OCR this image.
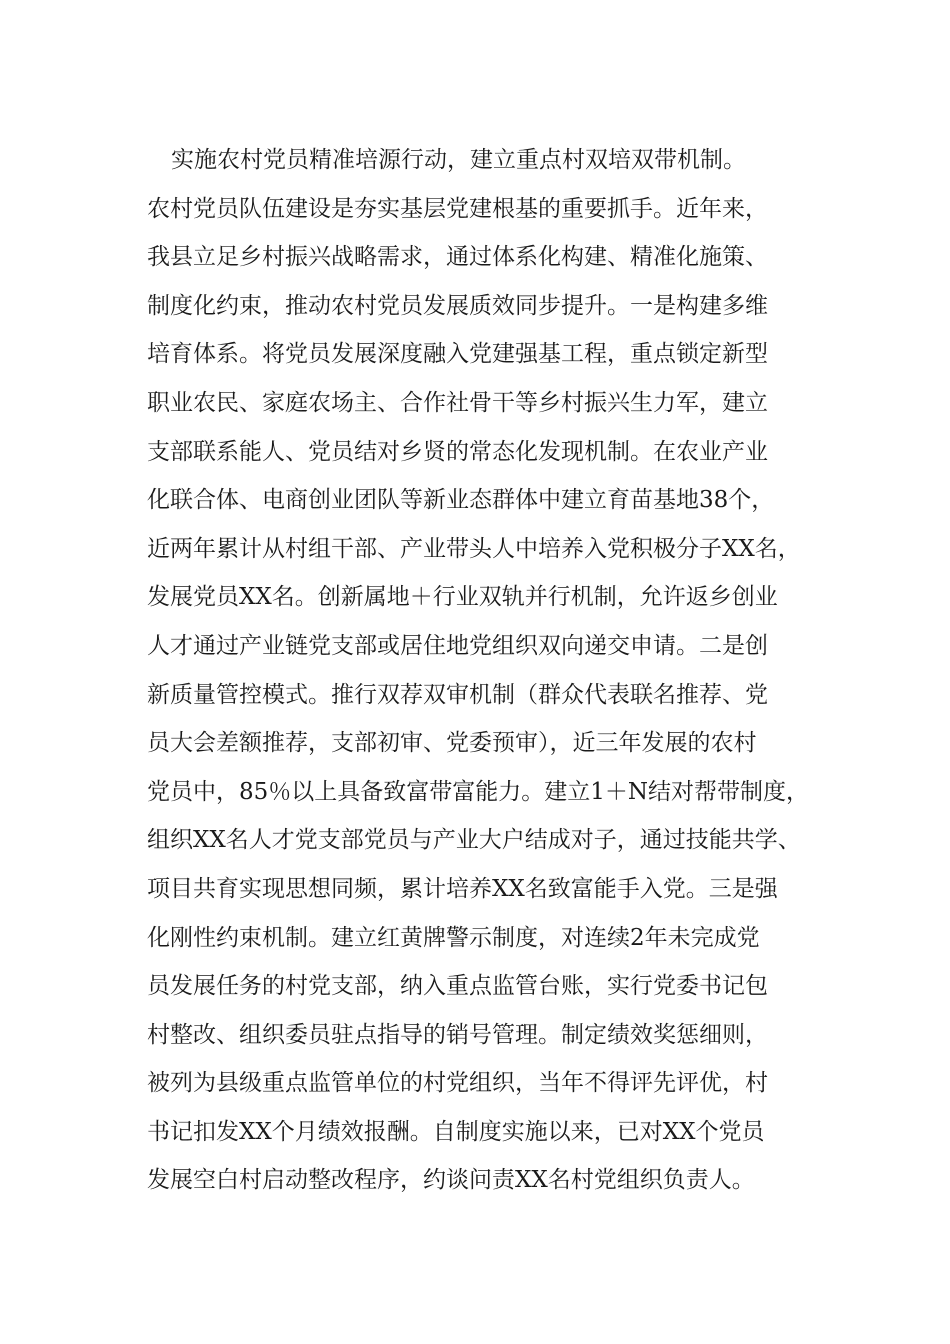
实施农村党员精准培源行动，建立重点村双培双带机制。
农村党员队伍建设是夯实基层党建根基的重要抓手。近年来，
我县立足乡村振兴战略需求，通过体系化构建、精准化施策、
制度化约束，推动农村党员发展质效同步提升。一是构建多维
培育体系。将党员发展深度融入党建强基工程，重点锁定新型
职业农民、家庭农场主、合作社骨干等乡村振兴生力军，建立
支部联系能人、党员结对乡贤的常态化发现机制。在农业产业
化联合体、电商创业团队等新业态群体中建立育苗基地38个，
近两年累计从村组干部、产业带头人中培养入党积极分子XX名，
发展党员XX名。创新属地＋行业双轨并行机制，允许返乡创业
人才通过产业链党支部或居住地党组织双向递交申请。二是创
新质量管控模式。推行双荐双审机制（群众代表联名推荐、党
员大会差额推荐，支部初审、党委预审），近三年发展的农村
党员中，85％以上具备致富带富能力。建立1＋N结对帮带制度，
组织XX名人才党支部党员与产业大户结成对子，通过技能共学、
项目共育实现思想同频，累计培养XX名致富能手入党。三是强
化刚性约束机制。建立红黄牌警示制度，对连续2年未完成党
员发展任务的村党支部，纳入重点监管台账，实行党委书记包
村整改、组织委员驻点指导的销号管理。制定绩效奖惩细则，
被列为县级重点监管单位的村党组织，当年不得评先评优，村
书记扣发XX个月绩效报酬。自制度实施以来，已对XX个党员
发展空白村启动整改程序，约谈问责XX名村党组织负责人。
